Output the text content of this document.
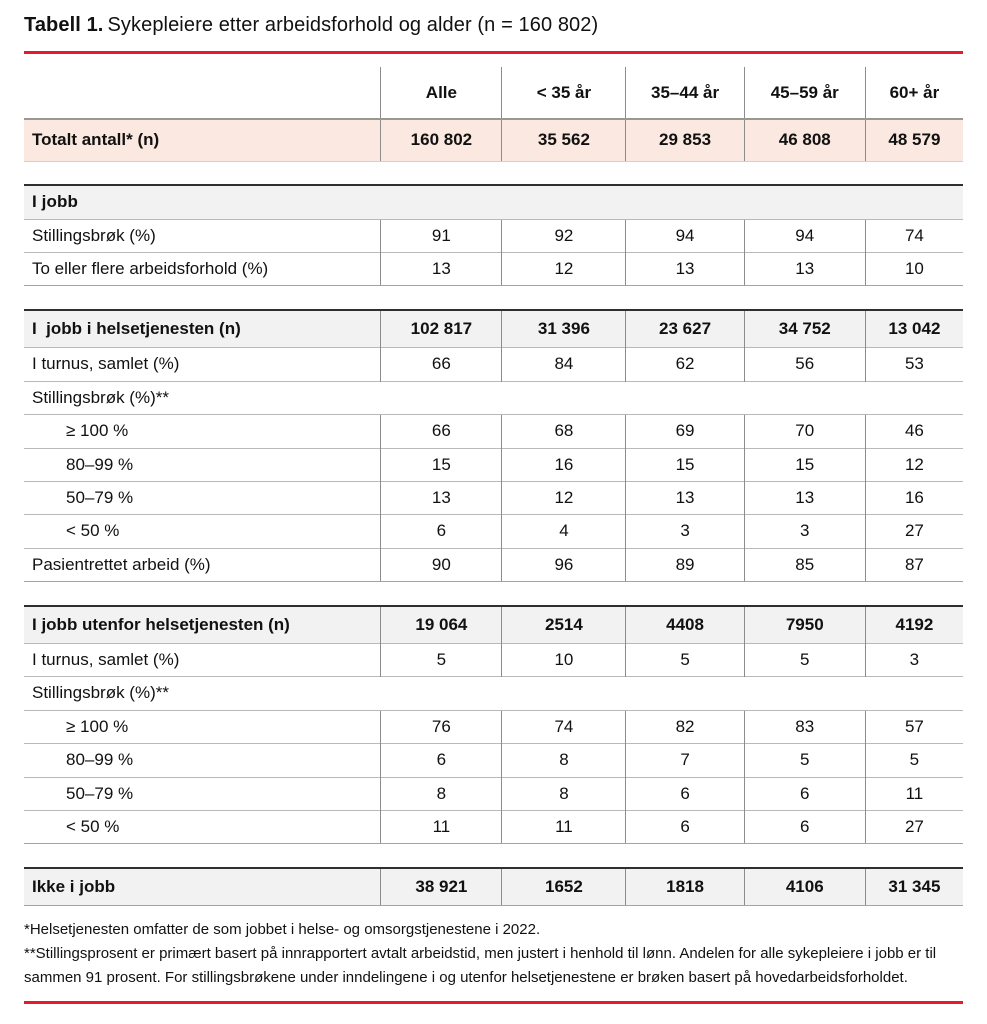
Tabell 1. Sykepleiere etter arbeidsforhold og alder (n = 160 802)
	Alle	< 35 år	35–44 år	45–59 år	60+ år
Totalt antall* (n)	160 802	35 562	29 853	46 808	48 579

I jobb					
Stillingsbrøk (%)	91	92	94	94	74
To eller flere arbeidsforhold (%)	13	12	13	13	10

I  jobb i helsetjenesten (n)	102 817	31 396	23 627	34 752	13 042
I turnus, samlet (%)	66	84	62	56	53
Stillingsbrøk (%)**					
≥ 100 %	66	68	69	70	46
80–99 %	15	16	15	15	12
50–79 %	13	12	13	13	16
< 50 %	6	4	3	3	27
Pasientrettet arbeid (%)	90	96	89	85	87

I jobb utenfor helsetjenesten (n)	19 064	2514	4408	7950	4192
I turnus, samlet (%)	5	10	5	5	3
Stillingsbrøk (%)**					
≥ 100 %	76	74	82	83	57
80–99 %	6	8	7	5	5
50–79 %	8	8	6	6	11
< 50 %	11	11	6	6	27

Ikke i jobb	38 921	1652	1818	4106	31 345

*Helsetjenesten omfatter de som jobbet i helse- og omsorgstjenestene i 2022.

**Stillingsprosent er primært basert på innrapportert avtalt arbeidstid, men justert i henhold til lønn. Andelen for alle sykepleiere i jobb er til sammen 91 prosent. For stillingsbrøkene under inndelingene i og utenfor helsetjenestene er brøken basert på hovedarbeidsforholdet.
